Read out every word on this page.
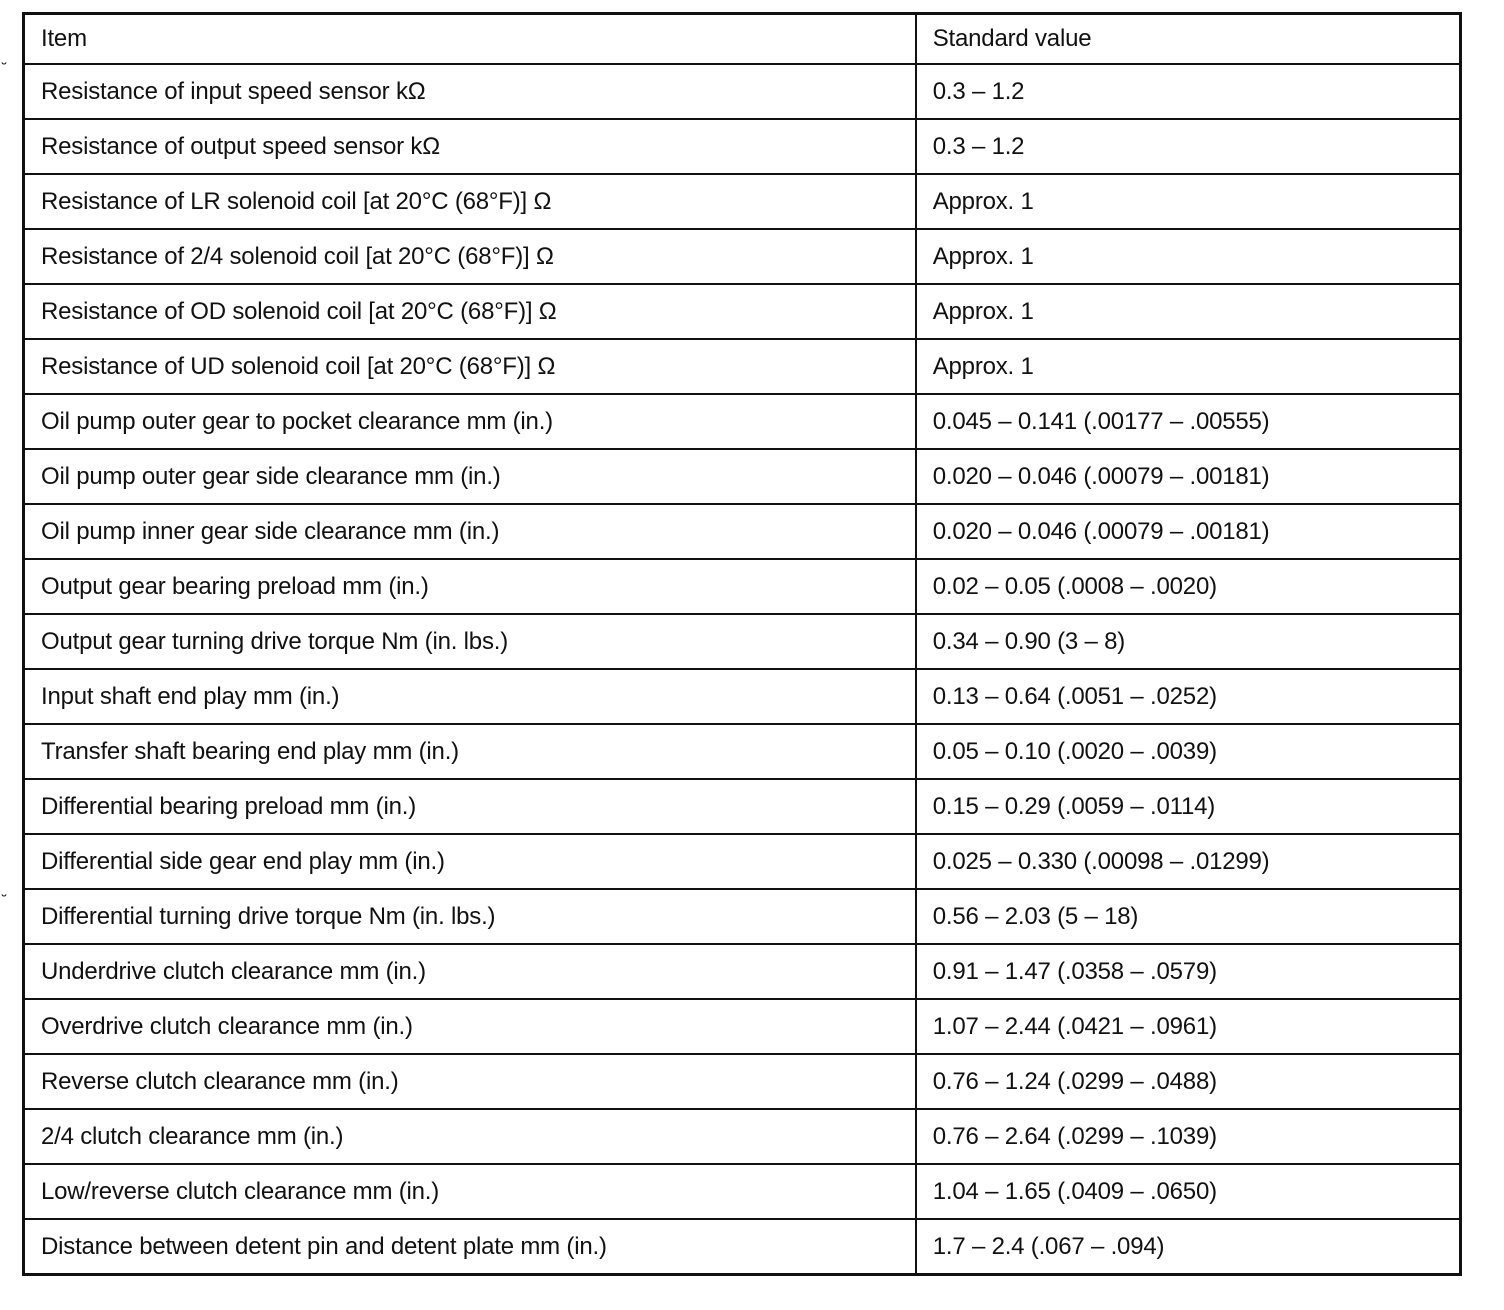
˘
˘
Item	Standard value
Resistance of input speed sensor kΩ	0.3 – 1.2
Resistance of output speed sensor kΩ	0.3 – 1.2
Resistance of LR solenoid coil [at 20°C (68°F)] Ω	Approx. 1
Resistance of 2/4 solenoid coil [at 20°C (68°F)] Ω	Approx. 1
Resistance of OD solenoid coil [at 20°C (68°F)] Ω	Approx. 1
Resistance of UD solenoid coil [at 20°C (68°F)] Ω	Approx. 1
Oil pump outer gear to pocket clearance mm (in.)	0.045 – 0.141 (.00177 – .00555)
Oil pump outer gear side clearance mm (in.)	0.020 – 0.046 (.00079 – .00181)
Oil pump inner gear side clearance mm (in.)	0.020 – 0.046 (.00079 – .00181)
Output gear bearing preload mm (in.)	0.02 – 0.05 (.0008 – .0020)
Output gear turning drive torque Nm (in. lbs.)	0.34 – 0.90 (3 – 8)
Input shaft end play mm (in.)	0.13 – 0.64 (.0051 – .0252)
Transfer shaft bearing end play mm (in.)	0.05 – 0.10 (.0020 – .0039)
Differential bearing preload mm (in.)	0.15 – 0.29 (.0059 – .0114)
Differential side gear end play mm (in.)	0.025 – 0.330 (.00098 – .01299)
Differential turning drive torque Nm (in. lbs.)	0.56 – 2.03 (5 – 18)
Underdrive clutch clearance mm (in.)	0.91 – 1.47 (.0358 – .0579)
Overdrive clutch clearance mm (in.)	1.07 – 2.44 (.0421 – .0961)
Reverse clutch clearance mm (in.)	0.76 – 1.24 (.0299 – .0488)
2/4 clutch clearance mm (in.)	0.76 – 2.64 (.0299 – .1039)
Low/reverse clutch clearance mm (in.)	1.04 – 1.65 (.0409 – .0650)
Distance between detent pin and detent plate mm (in.)	1.7 – 2.4 (.067 – .094)
